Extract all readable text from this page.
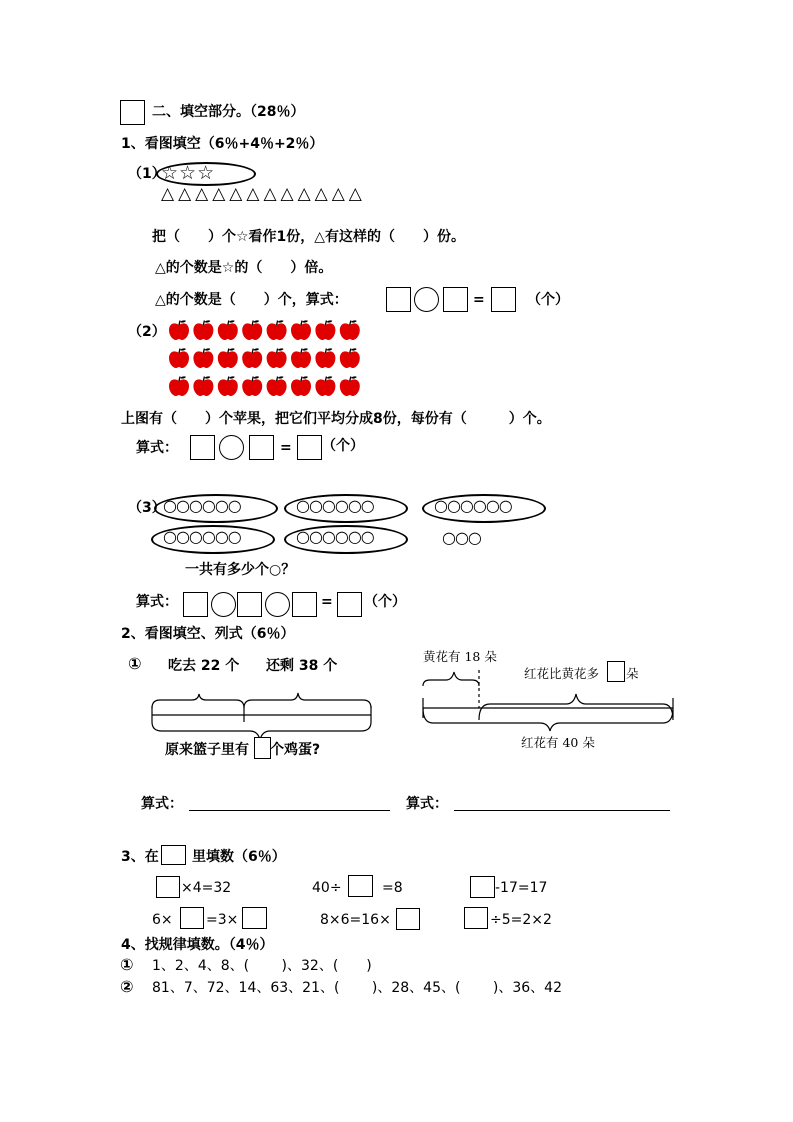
二、填空部分。（28％）
1、看图填空（6％+4％+2％）
（1）
☆☆☆
△△△△△△△△△△△△
把（　　）个☆看作1份，△有这样的（　　）份。
△的个数是☆的（　　）倍。
△的个数是（　　）个，算式：	=	（个）
（2）
上图有（　　）个苹果，把它们平均分成8份，每份有（　　　）个。
算式：	= （个）
（3）
○○○○○○	○○○○○○	○○○○○○
○○○○○○	○○○○○○	○○○
一共有多少个○？
算式：	= （个）
2、看图填空、列式（6％）
① 吃去 22 个 还剩 38 个
原来篮子里有 个鸡蛋?
黄花有 18 朵
红花比黄花多 朵
红花有 40 朵
算式：	算式：
3、在 里填数（6％）
×4=32	40÷	=8	-17=17
6× =3×	8×6=16×	÷5=2×2
4、找规律填数。（4％）
① 1、2、4、8、(　　 )、32、(　　)
② 81、7、72、14、63、21、(　　 )、28、45、(　　 )、36、42
